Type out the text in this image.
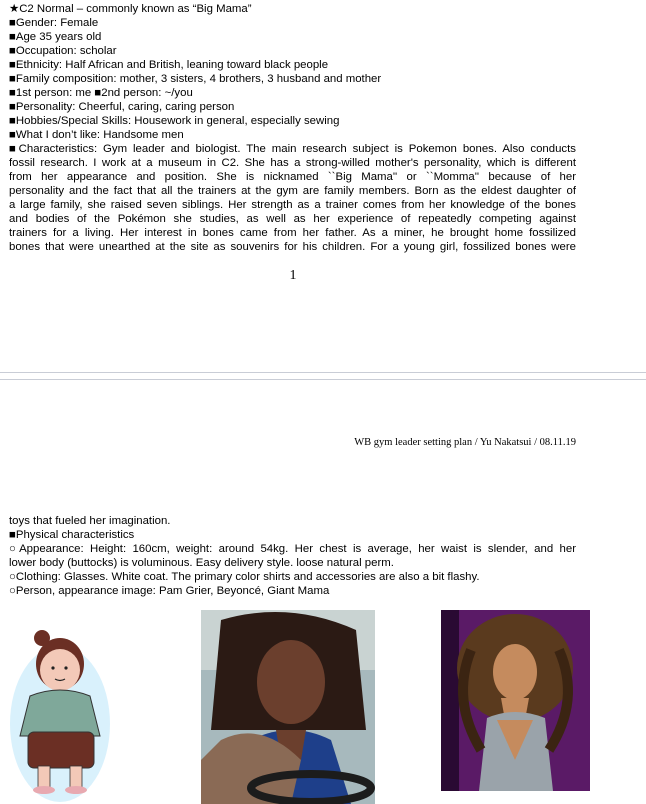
★C2 Normal – commonly known as “Big Mama”
■Gender: Female
■Age 35 years old
■Occupation: scholar
■Ethnicity: Half African and British, leaning toward black people
■Family composition: mother, 3 sisters, 4 brothers, 3 husband and mother
■1st person: me ■2nd person: ~/you
■Personality: Cheerful, caring, caring person
■Hobbies/Special Skills: Housework in general, especially sewing
■What I don’t like: Handsome men
■Characteristics: Gym leader and biologist. The main research subject is Pokemon bones. Also conducts
fossil research. I work at a museum in C2. She has a strong-willed mother's personality, which is different
from her appearance and position. She is nicknamed ``Big Mama'' or ``Momma'' because of her
personality and the fact that all the trainers at the gym are family members. Born as the eldest daughter of
a large family, she raised seven siblings. Her strength as a trainer comes from her knowledge of the bones
and bodies of the Pokémon she studies, as well as her experience of repeatedly competing against
trainers for a living. Her interest in bones came from her father. As a miner, he brought home fossilized
bones that were unearthed at the site as souvenirs for his children. For a young girl, fossilized bones were
1
WB gym leader setting plan / Yu Nakatsui / 08.11.19
toys that fueled her imagination.
■Physical characteristics
○Appearance: Height: 160cm, weight: around 54kg. Her chest is average, her waist is slender, and her
lower body (buttocks) is voluminous. Easy delivery style. loose natural perm.
○Clothing: Glasses. White coat. The primary color shirts and accessories are also a bit flashy.
○Person, appearance image: Pam Grier, Beyoncé, Giant Mama
